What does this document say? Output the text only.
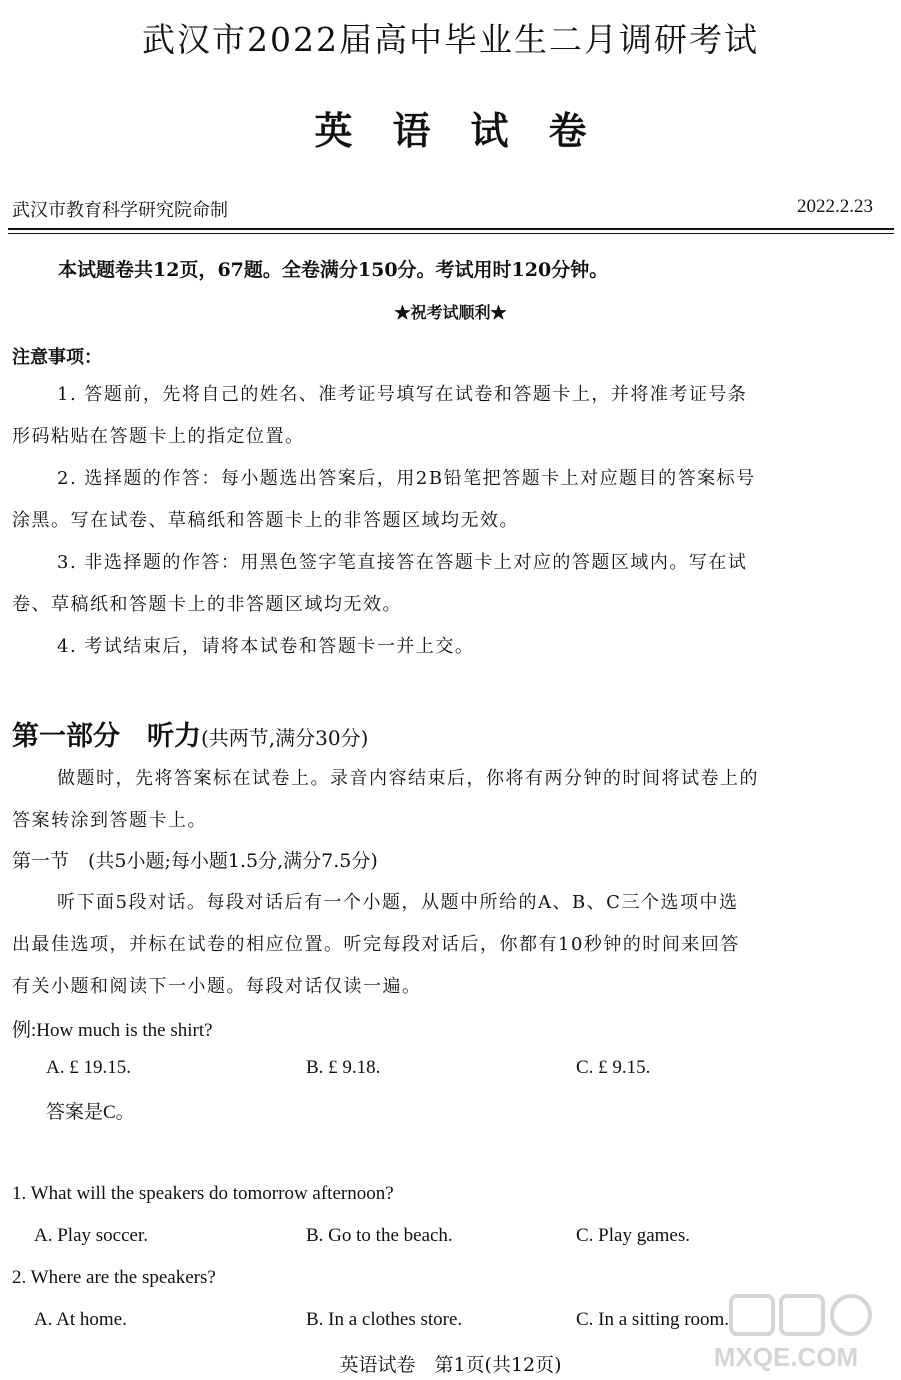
武汉市2022届高中毕业生二月调研考试
英语试卷
武汉市教育科学研究院命制	2022.2.23
本试题卷共12页，67题。全卷满分150分。考试用时120分钟。
★祝考试顺利★
注意事项：
1. 答题前，先将自己的姓名、准考证号填写在试卷和答题卡上，并将准考证号条
形码粘贴在答题卡上的指定位置。
2. 选择题的作答：每小题选出答案后，用2B铅笔把答题卡上对应题目的答案标号
涂黑。写在试卷、草稿纸和答题卡上的非答题区域均无效。
3. 非选择题的作答：用黑色签字笔直接答在答题卡上对应的答题区域内。写在试
卷、草稿纸和答题卡上的非答题区域均无效。
4. 考试结束后，请将本试卷和答题卡一并上交。
第一部分　听力(共两节,满分30分)
做题时，先将答案标在试卷上。录音内容结束后，你将有两分钟的时间将试卷上的
答案转涂到答题卡上。
第一节　(共5小题;每小题1.5分,满分7.5分)
听下面5段对话。每段对话后有一个小题，从题中所给的A、B、C三个选项中选
出最佳选项，并标在试卷的相应位置。听完每段对话后，你都有10秒钟的时间来回答
有关小题和阅读下一小题。每段对话仅读一遍。
例:How much is the shirt?
A. £ 19.15.	B. £ 9.18.	C. £ 9.15.
答案是C。
1. What will the speakers do tomorrow afternoon?
A. Play soccer.	B. Go to the beach.	C. Play games.
2. Where are the speakers?
A. At home.	B. In a clothes store.	C. In a sitting room.
英语试卷　第1页(共12页)	MXQE.COM
